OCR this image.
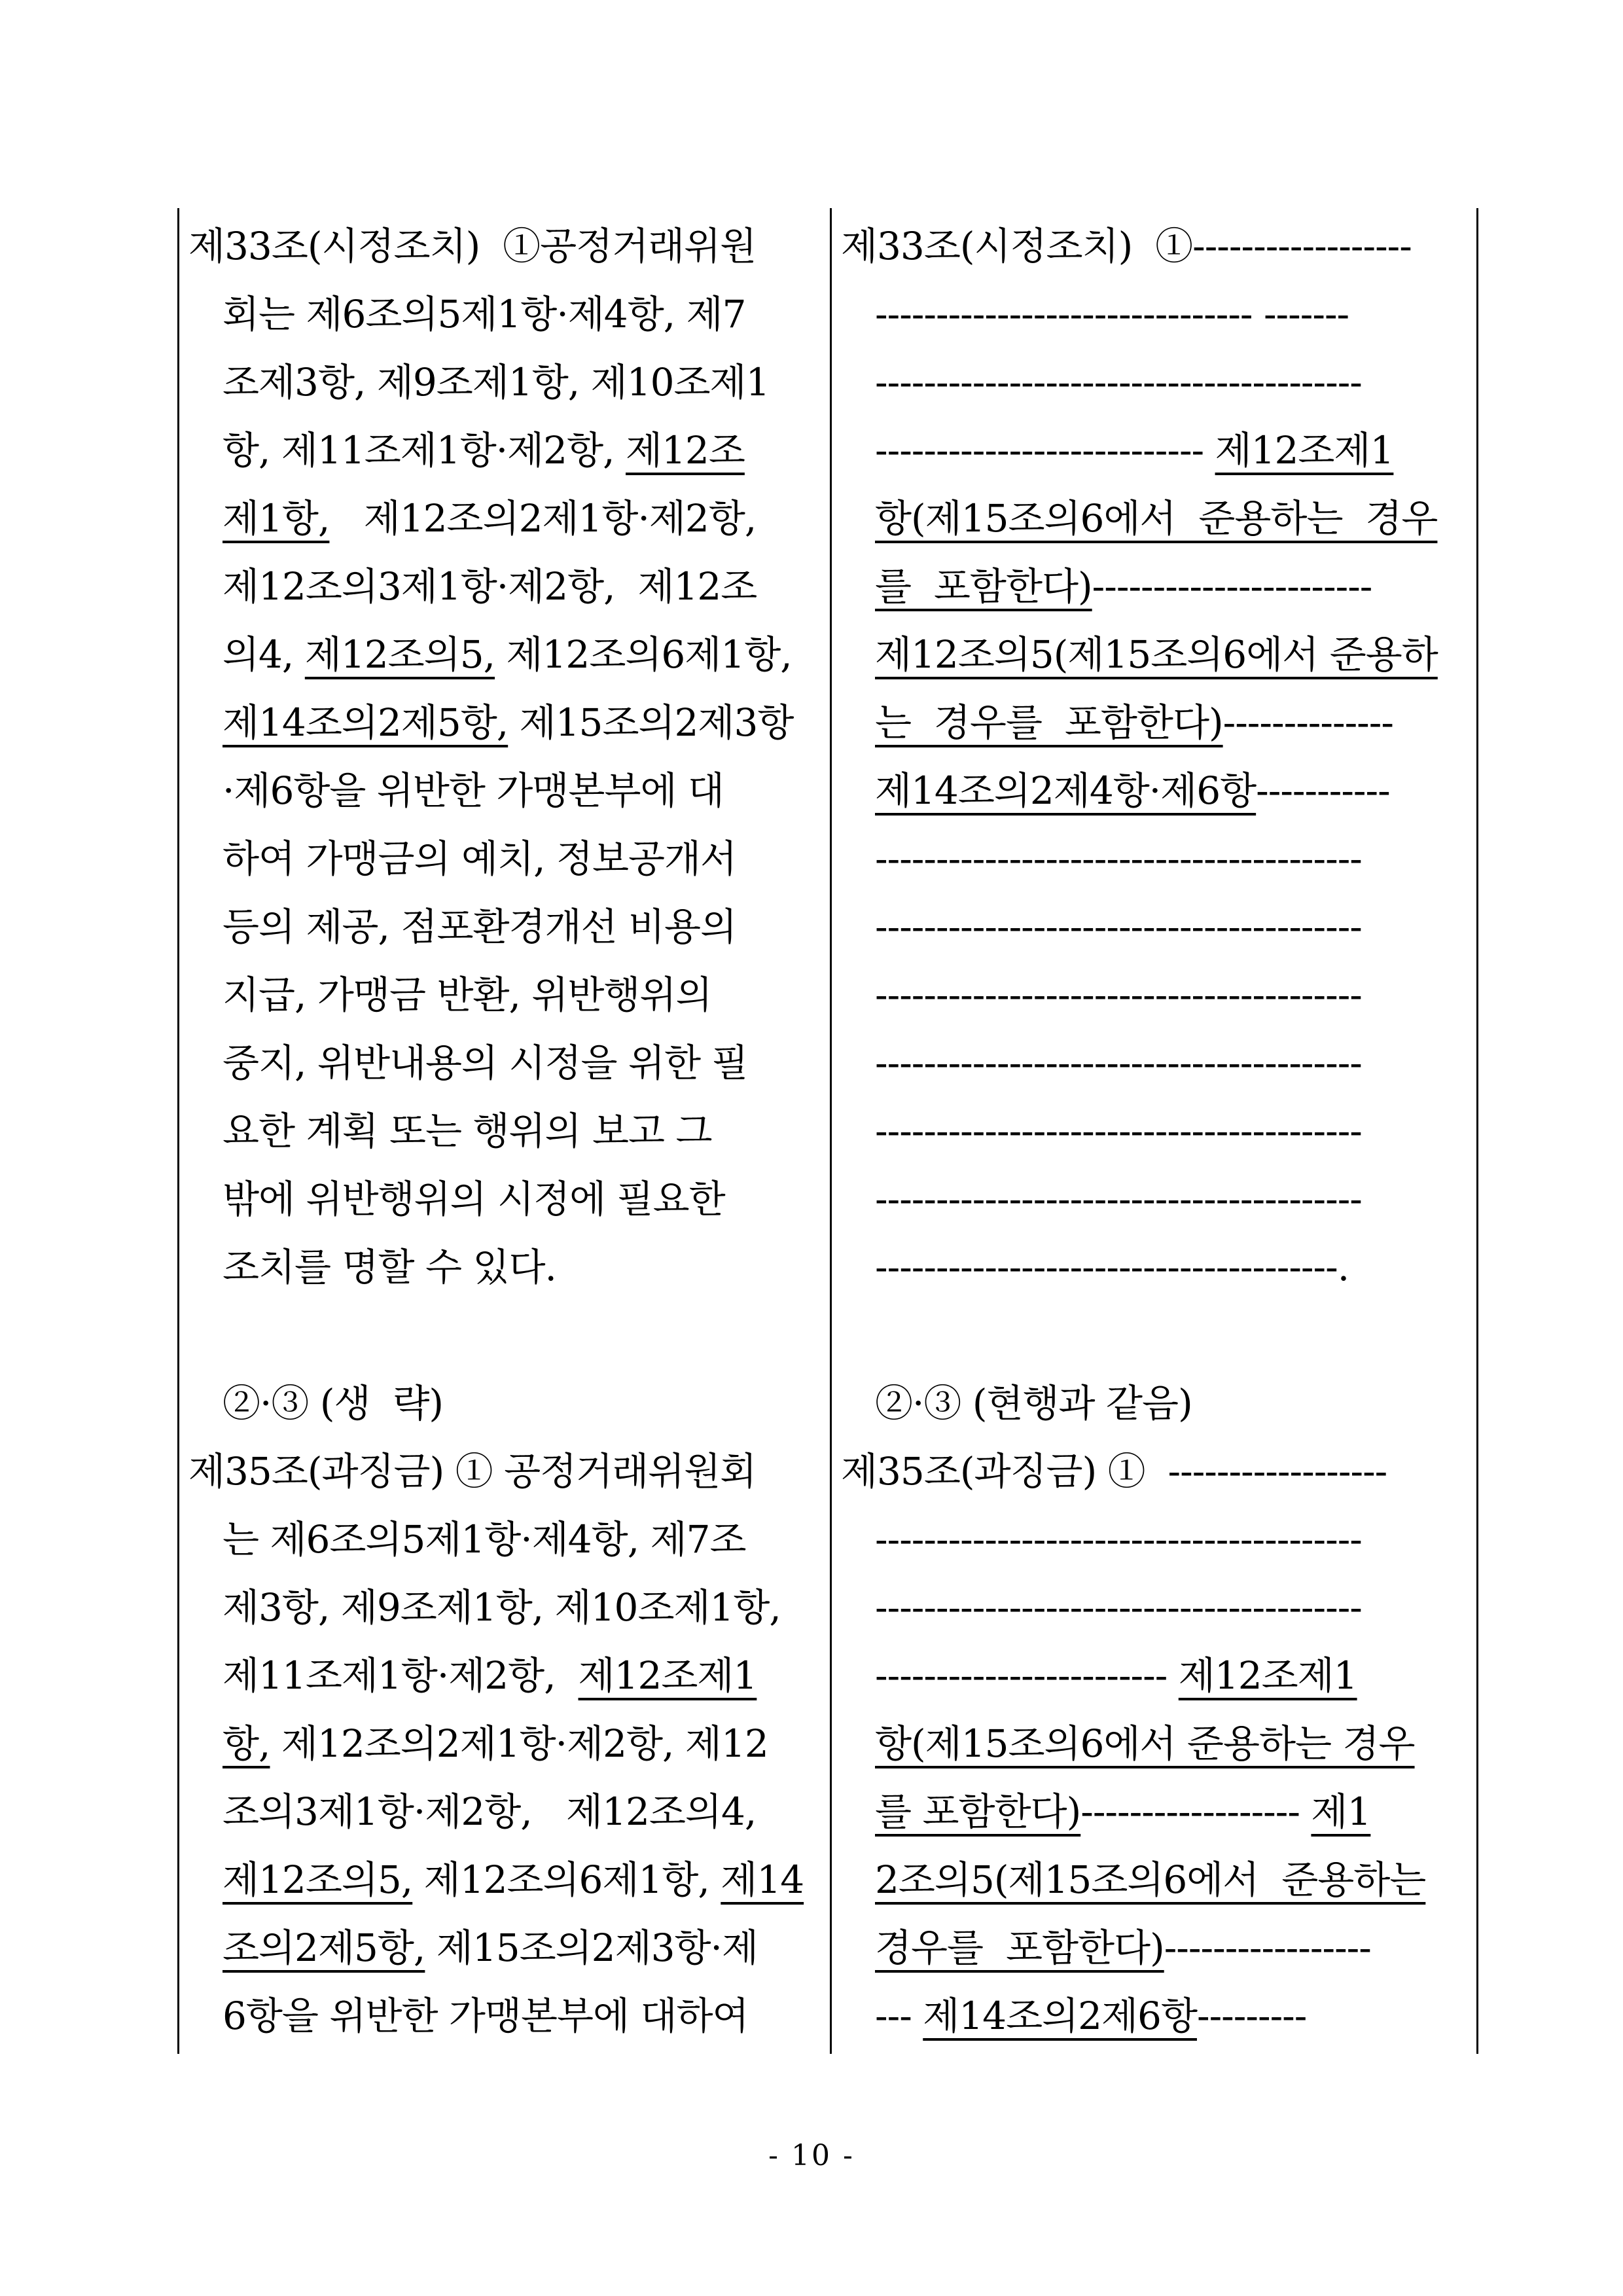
제33조(시정조치)  ①공정거래위원
회는 제6조의5제1항·제4항, 제7
조제3항, 제9조제1항, 제10조제1
항, 제11조제1항·제2항, 제12조
제1항,   제12조의2제1항·제2항,
제12조의3제1항·제2항,  제12조
의4, 제12조의5, 제12조의6제1항,
제14조의2제5항, 제15조의2제3항
·제6항을 위반한 가맹본부에 대
하여 가맹금의 예치, 정보공개서
등의 제공, 점포환경개선 비용의
지급, 가맹금 반환, 위반행위의
중지, 위반내용의 시정을 위한 필
요한 계획 또는 행위의 보고 그
밖에 위반행위의 시정에 필요한
조치를 명할 수 있다.
②·③ (생  략)
제35조(과징금) ① 공정거래위원회
는 제6조의5제1항·제4항, 제7조
제3항, 제9조제1항, 제10조제1항,
제11조제1항·제2항,  제12조제1
항, 제12조의2제1항·제2항, 제12
조의3제1항·제2항,   제12조의4,
제12조의5, 제12조의6제1항, 제14
조의2제5항, 제15조의2제3항·제
6항을 위반한 가맹본부에 대하여
제33조(시정조치)  ①------------------
------------------------------- -------
----------------------------------------
--------------------------- 제12조제1
항(제15조의6에서  준용하는  경우
를  포함한다)-----------------------
제12조의5(제15조의6에서 준용하
는  경우를  포함한다)--------------
제14조의2제4항·제6항-----------
----------------------------------------
----------------------------------------
----------------------------------------
----------------------------------------
----------------------------------------
----------------------------------------
--------------------------------------.
②·③ (현행과 같음)
제35조(과징금) ①  ------------------
----------------------------------------
----------------------------------------
------------------------ 제12조제1
항(제15조의6에서 준용하는 경우
를 포함한다)------------------ 제1
2조의5(제15조의6에서  준용하는
경우를  포함한다)-----------------
--- 제14조의2제6항---------
- 10 -
